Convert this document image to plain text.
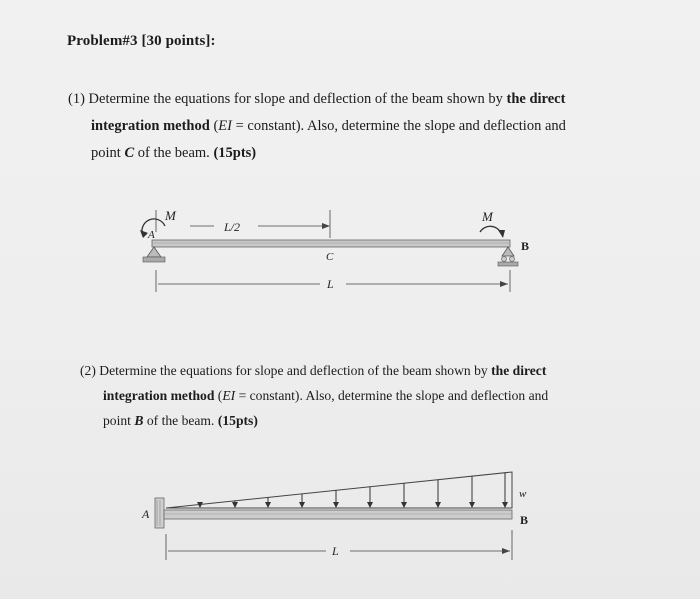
Problem#3 [30 points]:
(1) Determine the equations for slope and deflection of the beam shown by the direct
integration method (EI = constant). Also, determine the slope and deflection and
point C of the beam. (15pts)
M
A
L/2
C
L
M
B
(2) Determine the equations for slope and deflection of the beam shown by the direct
integration method (EI = constant). Also, determine the slope and deflection and
point B of the beam. (15pts)
A
w
B
L
